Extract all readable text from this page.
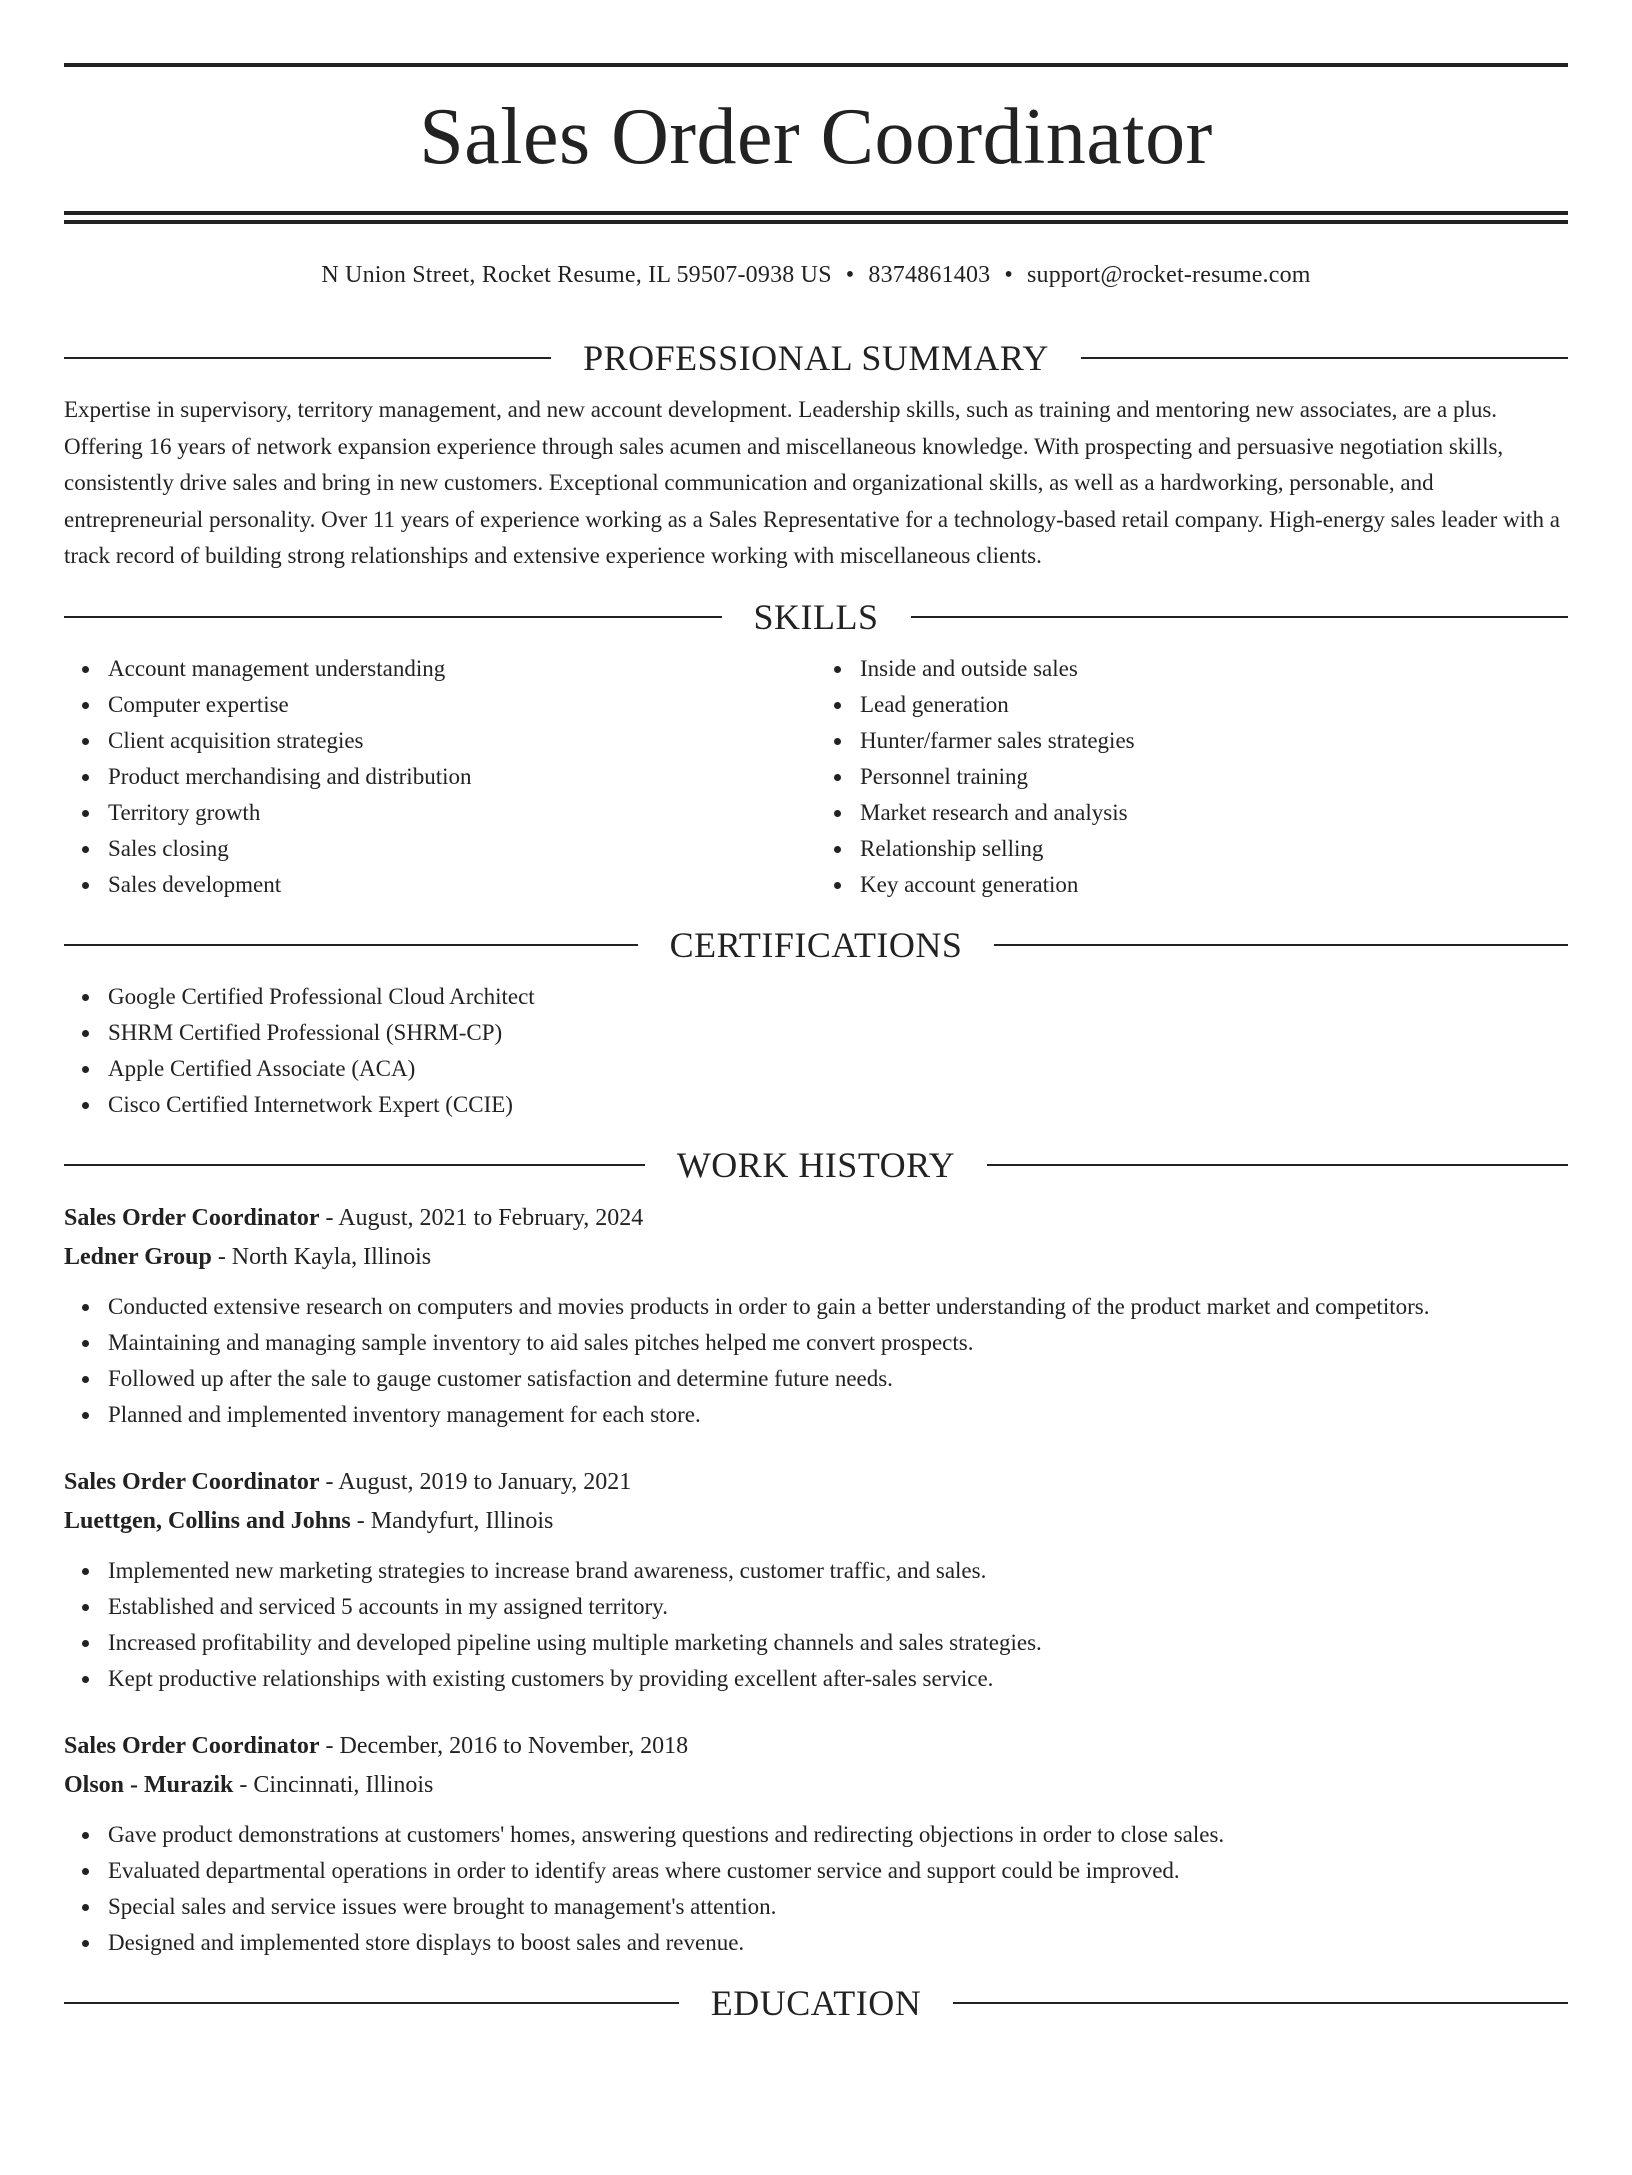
Sales Order Coordinator
N Union Street, Rocket Resume, IL 59507-0938 US • 8374861403 • support@rocket-resume.com
PROFESSIONAL SUMMARY

Expertise in supervisory, territory management, and new account development. Leadership skills, such as training and mentoring new associates, are a plus. Offering 16 years of network expansion experience through sales acumen and miscellaneous knowledge. With prospecting and persuasive negotiation skills, consistently drive sales and bring in new customers. Exceptional communication and organizational skills, as well as a hardworking, personable, and entrepreneurial personality. Over 11 years of experience working as a Sales Representative for a technology-based retail company. High-energy sales leader with a track record of building strong relationships and extensive experience working with miscellaneous clients.

SKILLS
Account management understanding
Computer expertise
Client acquisition strategies
Product merchandising and distribution
Territory growth
Sales closing
Sales development
Inside and outside sales
Lead generation
Hunter/farmer sales strategies
Personnel training
Market research and analysis
Relationship selling
Key account generation
CERTIFICATIONS
Google Certified Professional Cloud Architect
SHRM Certified Professional (SHRM-CP)
Apple Certified Associate (ACA)
Cisco Certified Internetwork Expert (CCIE)
WORK HISTORY
Sales Order Coordinator - August, 2021 to February, 2024
Ledner Group - North Kayla, Illinois
Conducted extensive research on computers and movies products in order to gain a better understanding of the product market and competitors.
Maintaining and managing sample inventory to aid sales pitches helped me convert prospects.
Followed up after the sale to gauge customer satisfaction and determine future needs.
Planned and implemented inventory management for each store.
Sales Order Coordinator - August, 2019 to January, 2021
Luettgen, Collins and Johns - Mandyfurt, Illinois
Implemented new marketing strategies to increase brand awareness, customer traffic, and sales.
Established and serviced 5 accounts in my assigned territory.
Increased profitability and developed pipeline using multiple marketing channels and sales strategies.
Kept productive relationships with existing customers by providing excellent after-sales service.
Sales Order Coordinator - December, 2016 to November, 2018
Olson - Murazik - Cincinnati, Illinois
Gave product demonstrations at customers' homes, answering questions and redirecting objections in order to close sales.
Evaluated departmental operations in order to identify areas where customer service and support could be improved.
Special sales and service issues were brought to management's attention.
Designed and implemented store displays to boost sales and revenue.
EDUCATION
